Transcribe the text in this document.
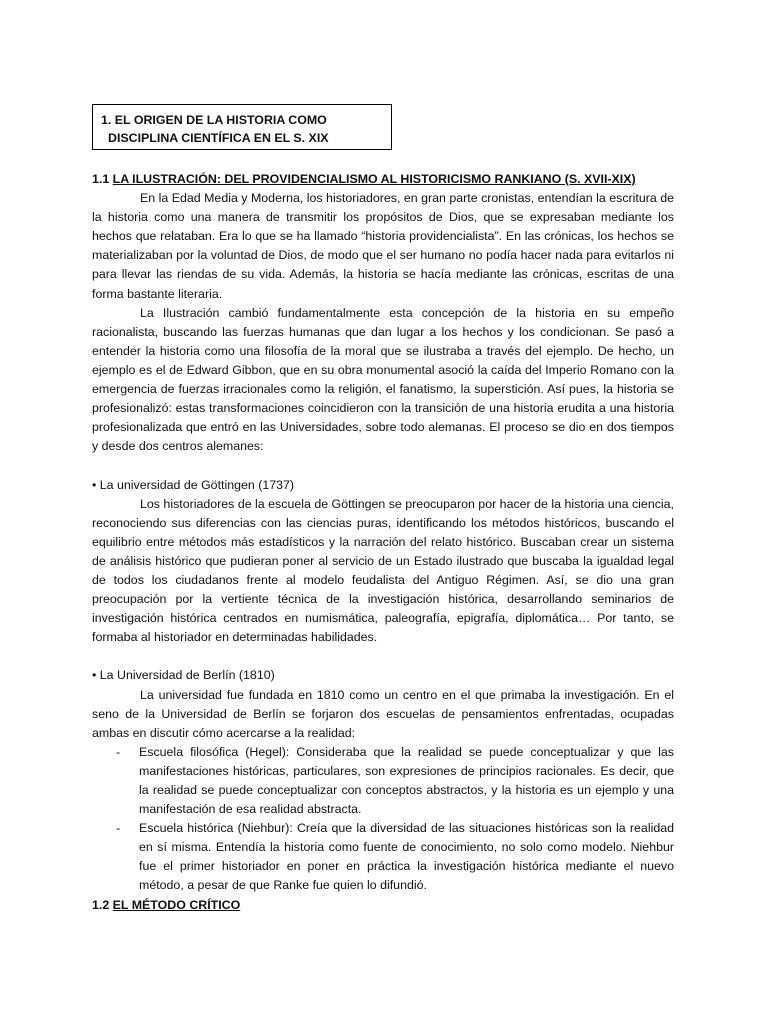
1. EL ORIGEN DE LA HISTORIA COMO
DISCIPLINA CIENTÍFICA EN EL S. XIX

1.1 LA ILUSTRACIÓN: DEL PROVIDENCIALISMO AL HISTORICISMO RANKIANO (S. XVII-XIX)

En la Edad Media y Moderna, los historiadores, en gran parte cronistas, entendían la escritura de la historia como una manera de transmitir los propósitos de Dios, que se expresaban mediante los hechos que relataban. Era lo que se ha llamado “historia providencialista”. En las crónicas, los hechos se materializaban por la voluntad de Dios, de modo que el ser humano no podía hacer nada para evitarlos ni para llevar las riendas de su vida. Además, la historia se hacía mediante las crónicas, escritas de una forma bastante literaria.

La Ilustración cambió fundamentalmente esta concepción de la historia en su empeño racionalista, buscando las fuerzas humanas que dan lugar a los hechos y los condicionan. Se pasó a entender la historia como una filosofía de la moral que se ilustraba a través del ejemplo. De hecho, un ejemplo es el de Edward Gibbon, que en su obra monumental asoció la caída del Imperio Romano con la emergencia de fuerzas irracionales como la religión, el fanatismo, la superstición. Así pues, la historia se profesionalizó: estas transformaciones coincidieron con la transición de una historia erudita a una historia profesionalizada que entró en las Universidades, sobre todo alemanas. El proceso se dio en dos tiempos y desde dos centros alemanes:

• La universidad de Göttingen (1737)

Los historiadores de la escuela de Göttingen se preocuparon por hacer de la historia una ciencia, reconociendo sus diferencias con las ciencias puras, identificando los métodos históricos, buscando el equilibrio entre métodos más estadísticos y la narración del relato histórico. Buscaban crear un sistema de análisis histórico que pudieran poner al servicio de un Estado ilustrado que buscaba la igualdad legal de todos los ciudadanos frente al modelo feudalista del Antiguo Régimen. Así, se dio una gran preocupación por la vertiente técnica de la investigación histórica, desarrollando seminarios de investigación histórica centrados en numismática, paleografía, epigrafía, diplomática… Por tanto, se formaba al historiador en determinadas habilidades.

• La Universidad de Berlín (1810)

La universidad fue fundada en 1810 como un centro en el que primaba la investigación. En el seno de la Universidad de Berlín se forjaron dos escuelas de pensamientos enfrentadas, ocupadas ambas en discutir cómo acercarse a la realidad:

-	Escuela filosófica (Hegel): Consideraba que la realidad se puede conceptualizar y que las manifestaciones históricas, particulares, son expresiones de principios racionales. Es decir, que la realidad se puede conceptualizar con conceptos abstractos, y la historia es un ejemplo y una manifestación de esa realidad abstracta.
-	Escuela histórica (Niehbur): Creía que la diversidad de las situaciones históricas son la realidad en sí misma. Entendía la historia como fuente de conocimiento, no solo como modelo. Niehbur fue el primer historiador en poner en práctica la investigación histórica mediante el nuevo método, a pesar de que Ranke fue quien lo difundió.

1.2 EL MÉTODO CRÍTICO
